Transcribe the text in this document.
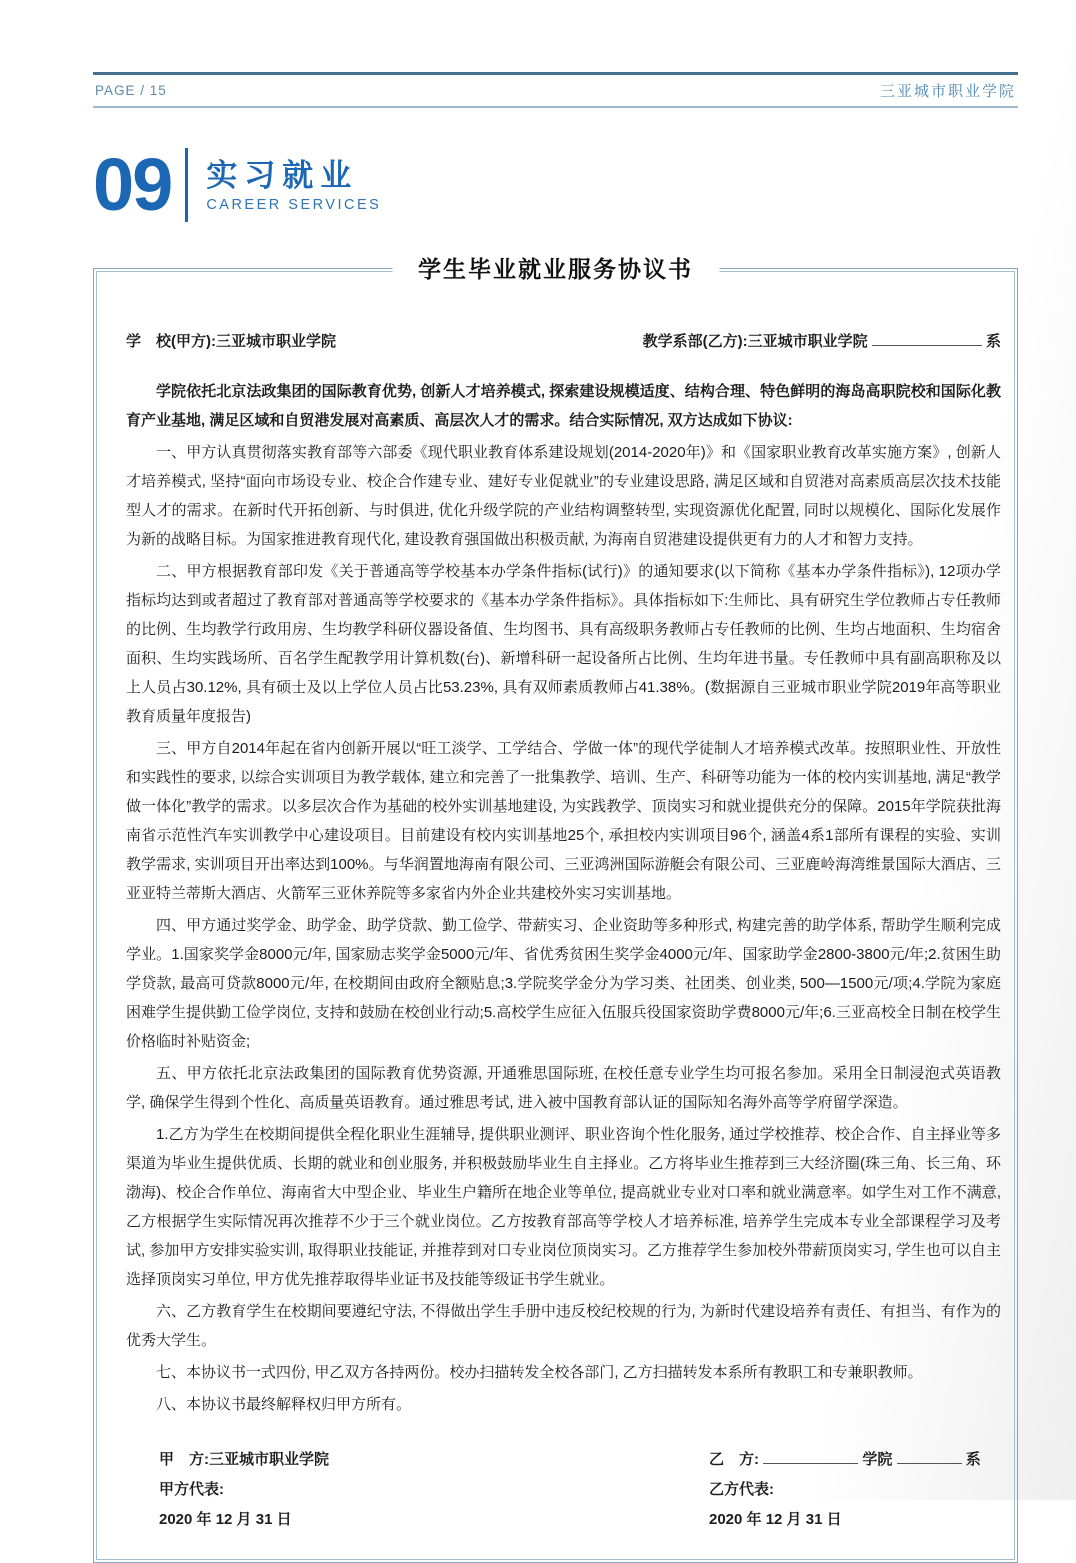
PAGE / 15	三亚城市职业学院
09 实习就业
CAREER SERVICES
学生毕业就业服务协议书
学　校(甲方):三亚城市职业学院	教学系部(乙方):三亚城市职业学院	系

学院依托北京法政集团的国际教育优势, 创新人才培养模式, 探索建设规模适度、结构合理、特色鲜明的海岛高职院校和国际化教育产业基地, 满足区域和自贸港发展对高素质、高层次人才的需求。结合实际情况, 双方达成如下协议:

一、甲方认真贯彻落实教育部等六部委《现代职业教育体系建设规划(2014-2020年)》和《国家职业教育改革实施方案》, 创新人才培养模式, 坚持“面向市场设专业、校企合作建专业、建好专业促就业”的专业建设思路, 满足区域和自贸港对高素质高层次技术技能型人才的需求。在新时代开拓创新、与时俱进, 优化升级学院的产业结构调整转型, 实现资源优化配置, 同时以规模化、国际化发展作为新的战略目标。为国家推进教育现代化, 建设教育强国做出积极贡献, 为海南自贸港建设提供更有力的人才和智力支持。

二、甲方根据教育部印发《关于普通高等学校基本办学条件指标(试行)》的通知要求(以下简称《基本办学条件指标》), 12项办学指标均达到或者超过了教育部对普通高等学校要求的《基本办学条件指标》。具体指标如下:生师比、具有研究生学位教师占专任教师的比例、生均教学行政用房、生均教学科研仪器设备值、生均图书、具有高级职务教师占专任教师的比例、生均占地面积、生均宿舍面积、生均实践场所、百名学生配教学用计算机数(台)、新增科研一起设备所占比例、生均年进书量。专任教师中具有副高职称及以上人员占30.12%, 具有硕士及以上学位人员占比53.23%, 具有双师素质教师占41.38%。(数据源自三亚城市职业学院2019年高等职业教育质量年度报告)

三、甲方自2014年起在省内创新开展以“旺工淡学、工学结合、学做一体”的现代学徒制人才培养模式改革。按照职业性、开放性和实践性的要求, 以综合实训项目为教学载体, 建立和完善了一批集教学、培训、生产、科研等功能为一体的校内实训基地, 满足“教学做一体化”教学的需求。以多层次合作为基础的校外实训基地建设, 为实践教学、顶岗实习和就业提供充分的保障。2015年学院获批海南省示范性汽车实训教学中心建设项目。目前建设有校内实训基地25个, 承担校内实训项目96个, 涵盖4系1部所有课程的实验、实训教学需求, 实训项目开出率达到100%。与华润置地海南有限公司、三亚鸿洲国际游艇会有限公司、三亚鹿岭海湾维景国际大酒店、三亚亚特兰蒂斯大酒店、火箭军三亚休养院等多家省内外企业共建校外实习实训基地。

四、甲方通过奖学金、助学金、助学贷款、勤工俭学、带薪实习、企业资助等多种形式, 构建完善的助学体系, 帮助学生顺利完成学业。1.国家奖学金8000元/年, 国家励志奖学金5000元/年、省优秀贫困生奖学金4000元/年、国家助学金2800-3800元/年;2.贫困生助学贷款, 最高可贷款8000元/年, 在校期间由政府全额贴息;3.学院奖学金分为学习类、社团类、创业类, 500—1500元/项;4.学院为家庭困难学生提供勤工俭学岗位, 支持和鼓励在校创业行动;5.高校学生应征入伍服兵役国家资助学费8000元/年;6.三亚高校全日制在校学生价格临时补贴资金;

五、甲方依托北京法政集团的国际教育优势资源, 开通雅思国际班, 在校任意专业学生均可报名参加。采用全日制浸泡式英语教学, 确保学生得到个性化、高质量英语教育。通过雅思考试, 进入被中国教育部认证的国际知名海外高等学府留学深造。

1.乙方为学生在校期间提供全程化职业生涯辅导, 提供职业测评、职业咨询个性化服务, 通过学校推荐、校企合作、自主择业等多渠道为毕业生提供优质、长期的就业和创业服务, 并积极鼓励毕业生自主择业。乙方将毕业生推荐到三大经济圈(珠三角、长三角、环渤海)、校企合作单位、海南省大中型企业、毕业生户籍所在地企业等单位, 提高就业专业对口率和就业满意率。如学生对工作不满意, 乙方根据学生实际情况再次推荐不少于三个就业岗位。乙方按教育部高等学校人才培养标准, 培养学生完成本专业全部课程学习及考试, 参加甲方安排实验实训, 取得职业技能证, 并推荐到对口专业岗位顶岗实习。乙方推荐学生参加校外带薪顶岗实习, 学生也可以自主选择顶岗实习单位, 甲方优先推荐取得毕业证书及技能等级证书学生就业。

六、乙方教育学生在校期间要遵纪守法, 不得做出学生手册中违反校纪校规的行为, 为新时代建设培养有责任、有担当、有作为的优秀大学生。

七、本协议书一式四份, 甲乙双方各持两份。校办扫描转发全校各部门, 乙方扫描转发本系所有教职工和专兼职教师。

八、本协议书最终解释权归甲方所有。

甲　方:三亚城市职业学院
甲方代表:
2020 年 12 月 31 日
乙　方:	学院	系
乙方代表:
2020 年 12 月 31 日
